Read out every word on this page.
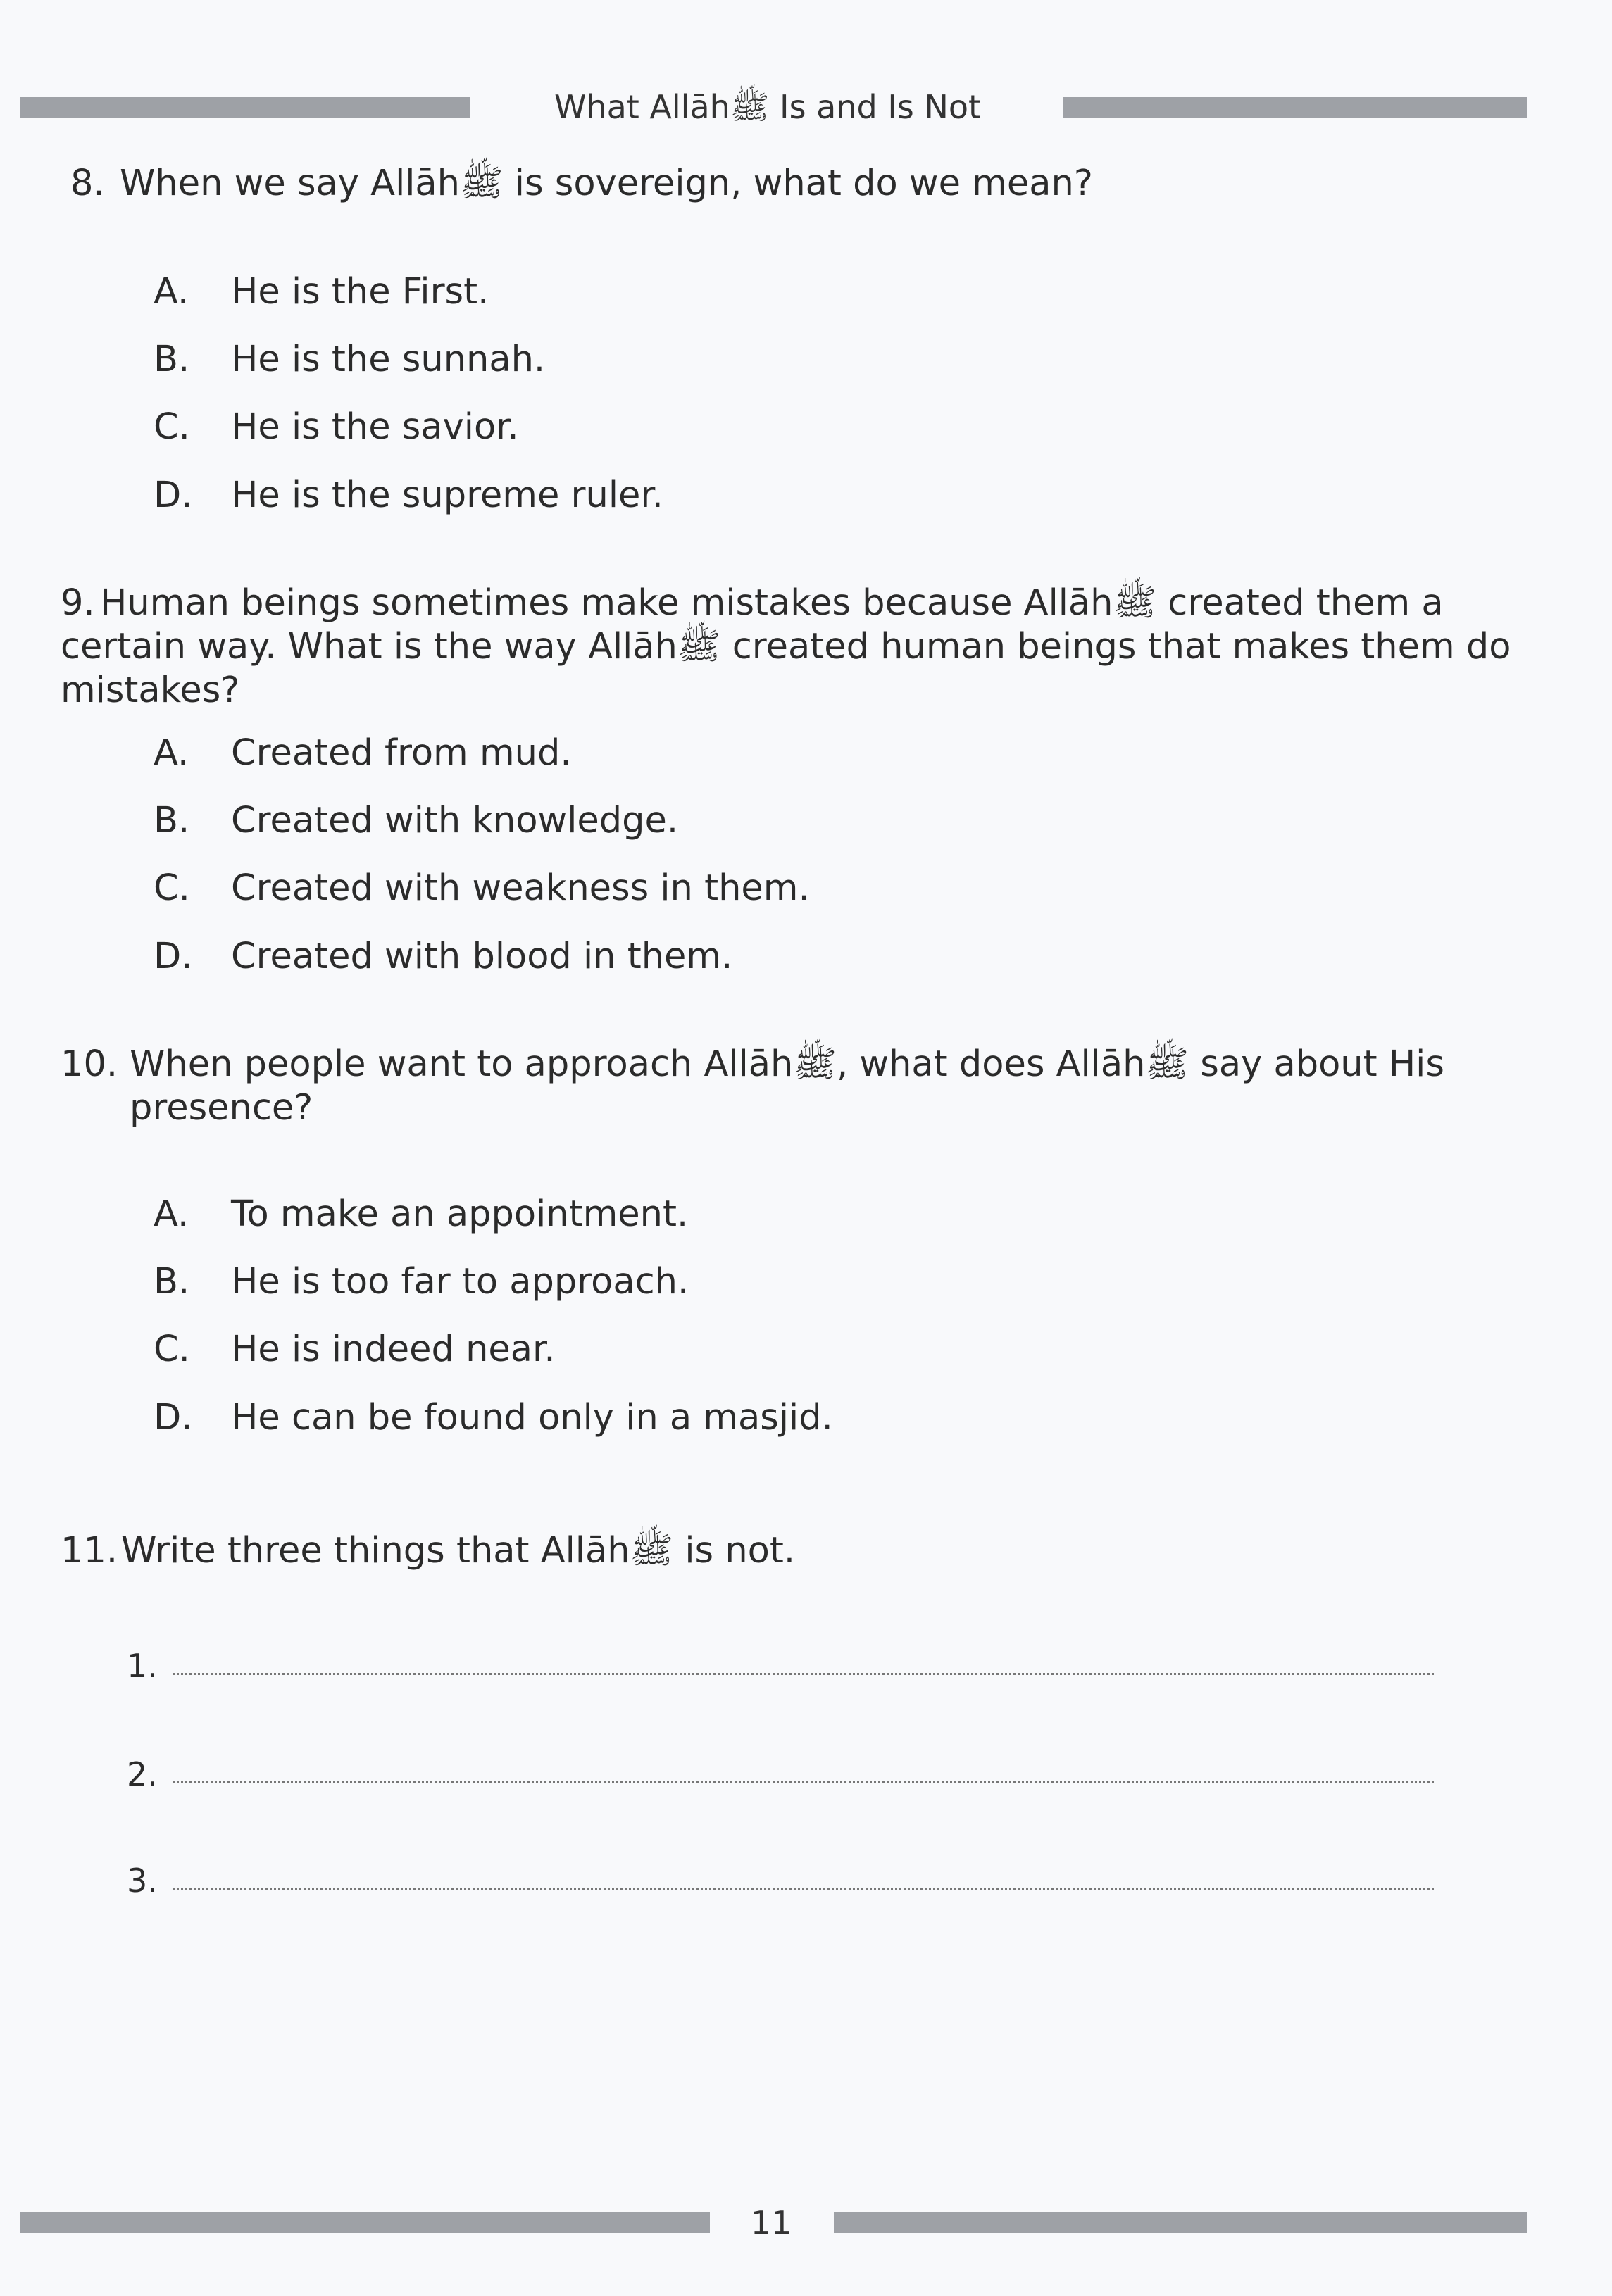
What Allāhﷺ Is and Is Not
8. When we say Allāhﷺ is sovereign, what do we mean?
A.	He is the First.
B.	He is the sunnah.
C.	He is the savior.
D.	He is the supreme ruler.
9. Human beings sometimes make mistakes because Allāhﷺ created them a certain way. What is the way Allāhﷺ created human beings that makes them do mistakes?
A.	Created from mud.
B.	Created with knowledge.
C.	Created with weakness in them.
D.	Created with blood in them.
10. When people want to approach Allāhﷺ, what does Allāhﷺ say about His presence?
A.	To make an appointment.
B.	He is too far to approach.
C.	He is indeed near.
D.	He can be found only in a masjid.
11. Write three things that Allāhﷺ is not.
1.
2.
3.
11
